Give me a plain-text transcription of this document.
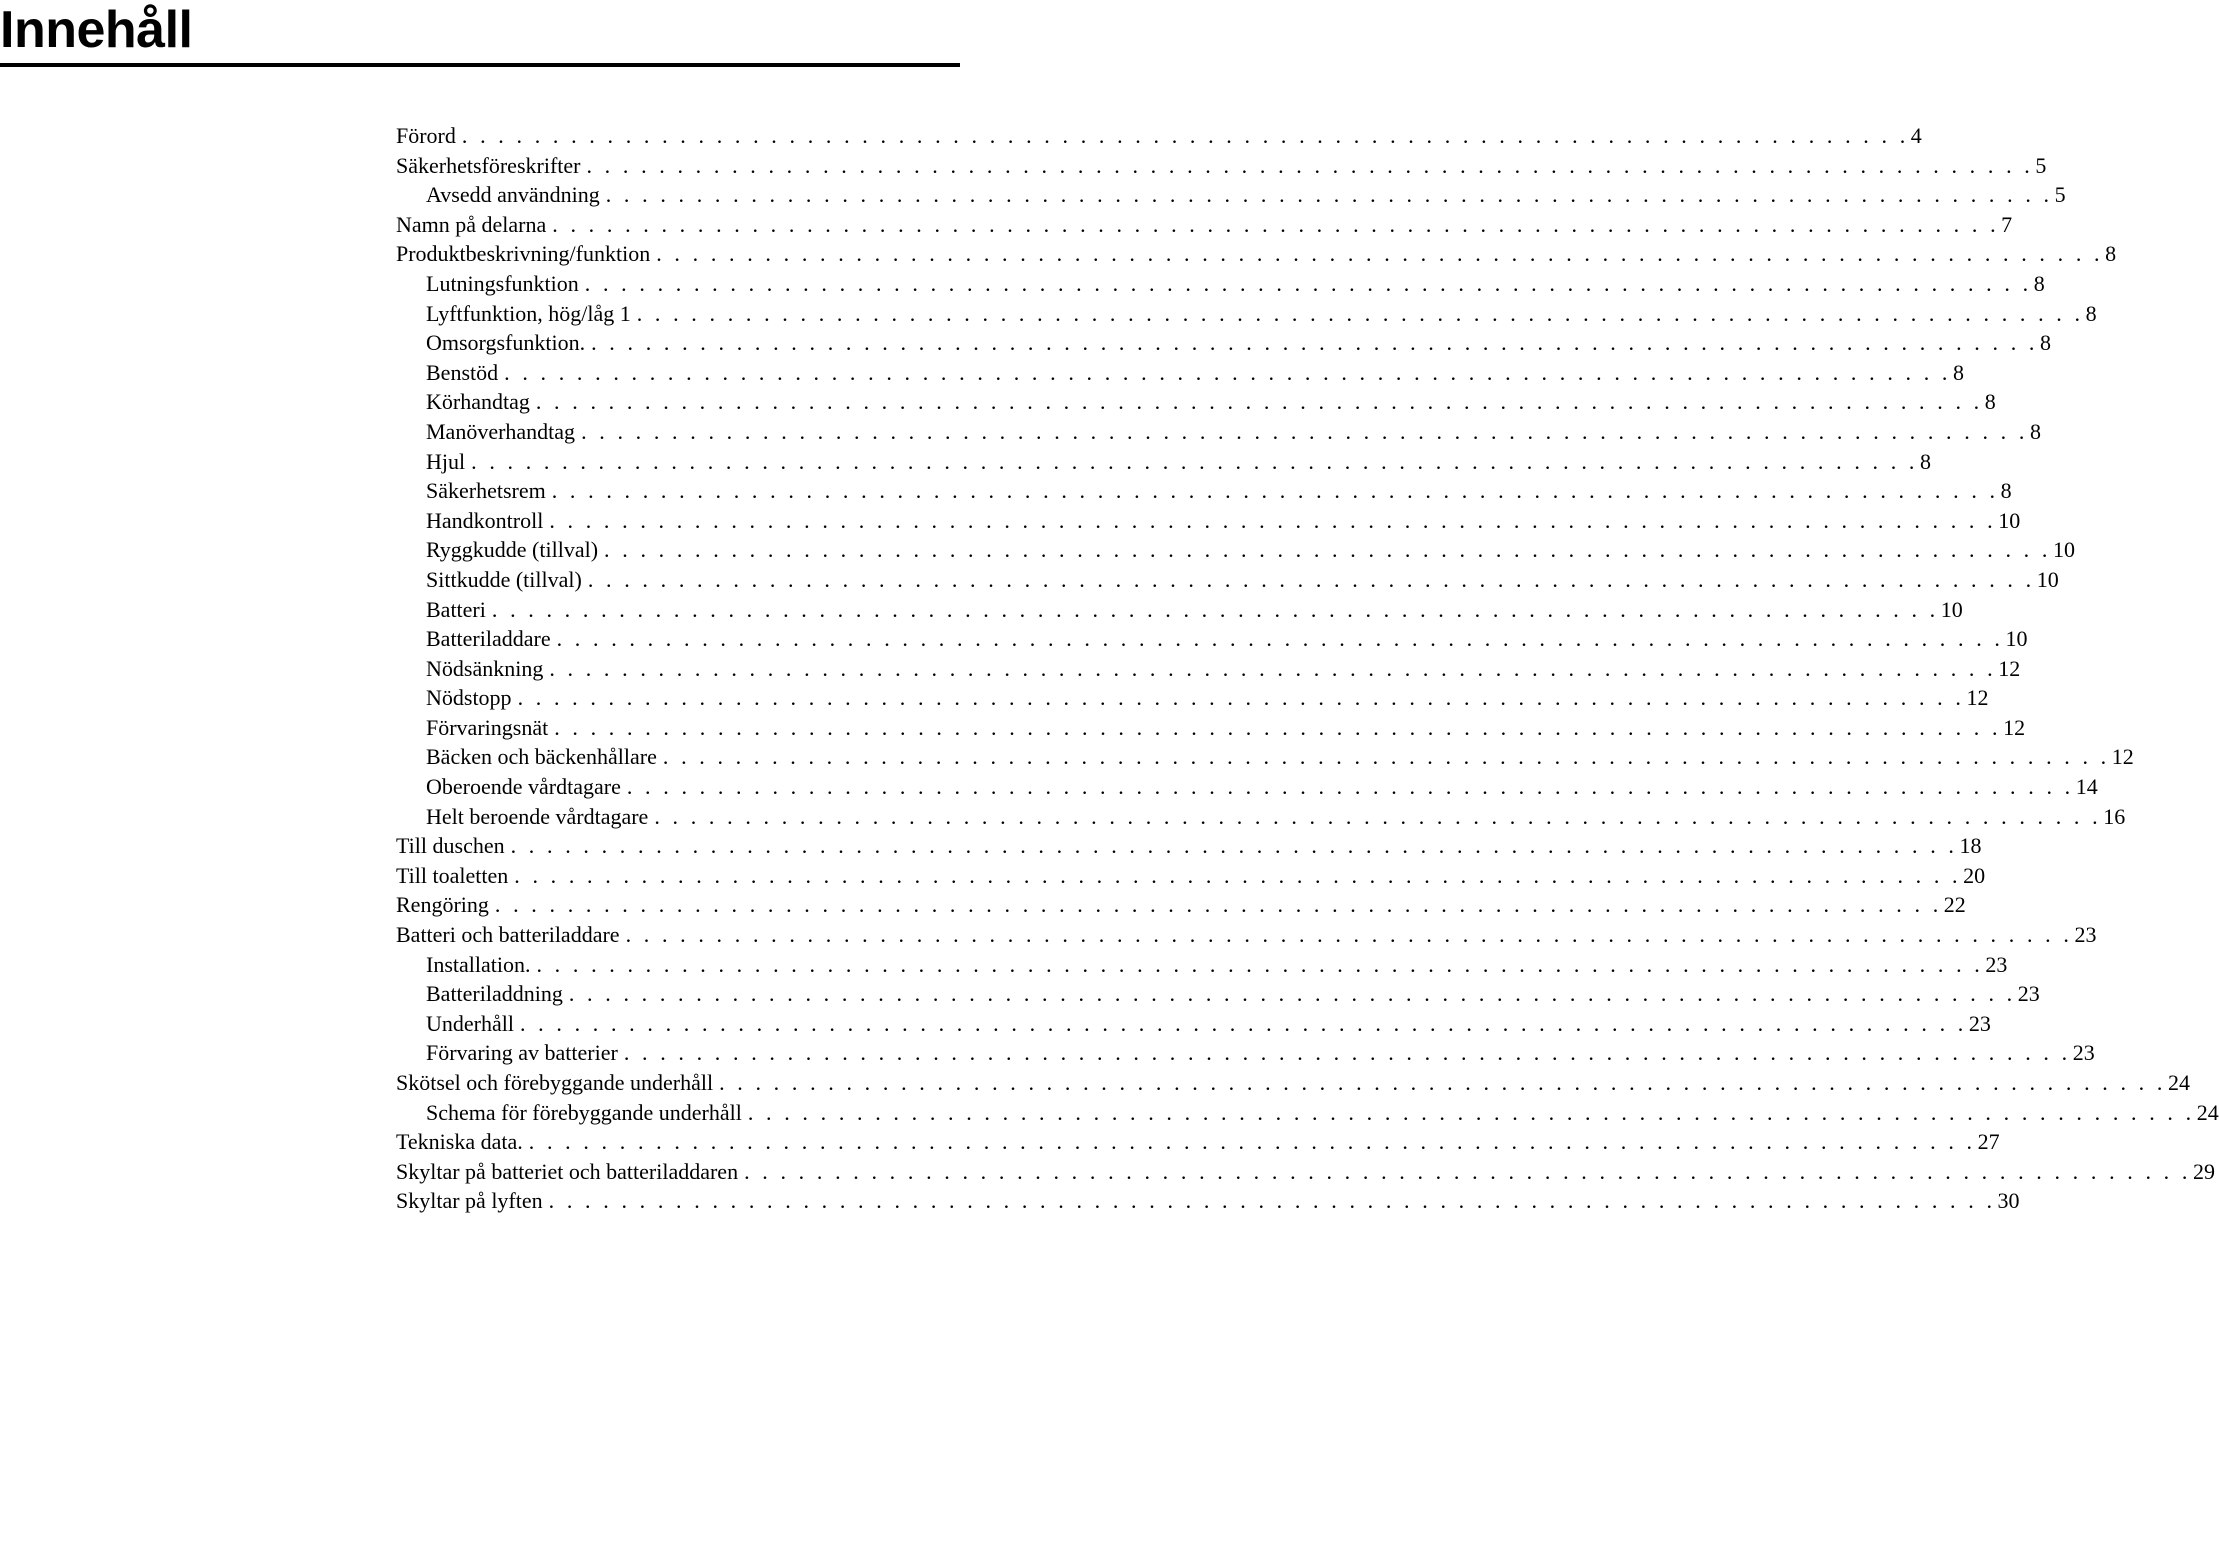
Innehåll
Förord . . . . . . . . . . . . . . . . . . . . . . . . . . . . . . . . . . . . . . . . . . . . . . . . . . . . . . . . . . . . . . . . . . . . . . . . . . . . . . . . 4
Säkerhetsföreskrifter . . . . . . . . . . . . . . . . . . . . . . . . . . . . . . . . . . . . . . . . . . . . . . . . . . . . . . . . . . . . . . . . . . . . . . . . . . . . . . . . 5
Avsedd användning . . . . . . . . . . . . . . . . . . . . . . . . . . . . . . . . . . . . . . . . . . . . . . . . . . . . . . . . . . . . . . . . . . . . . . . . . . . . . . . . 5
Namn på delarna . . . . . . . . . . . . . . . . . . . . . . . . . . . . . . . . . . . . . . . . . . . . . . . . . . . . . . . . . . . . . . . . . . . . . . . . . . . . . . . . 7
Produktbeskrivning/funktion . . . . . . . . . . . . . . . . . . . . . . . . . . . . . . . . . . . . . . . . . . . . . . . . . . . . . . . . . . . . . . . . . . . . . . . . . . . . . . . . 8
Lutningsfunktion . . . . . . . . . . . . . . . . . . . . . . . . . . . . . . . . . . . . . . . . . . . . . . . . . . . . . . . . . . . . . . . . . . . . . . . . . . . . . . . . 8
Lyftfunktion, hög/låg 1 . . . . . . . . . . . . . . . . . . . . . . . . . . . . . . . . . . . . . . . . . . . . . . . . . . . . . . . . . . . . . . . . . . . . . . . . . . . . . . . . 8
Omsorgsfunktion. . . . . . . . . . . . . . . . . . . . . . . . . . . . . . . . . . . . . . . . . . . . . . . . . . . . . . . . . . . . . . . . . . . . . . . . . . . . . . . . . 8
Benstöd . . . . . . . . . . . . . . . . . . . . . . . . . . . . . . . . . . . . . . . . . . . . . . . . . . . . . . . . . . . . . . . . . . . . . . . . . . . . . . . . 8
Körhandtag . . . . . . . . . . . . . . . . . . . . . . . . . . . . . . . . . . . . . . . . . . . . . . . . . . . . . . . . . . . . . . . . . . . . . . . . . . . . . . . . 8
Manöverhandtag . . . . . . . . . . . . . . . . . . . . . . . . . . . . . . . . . . . . . . . . . . . . . . . . . . . . . . . . . . . . . . . . . . . . . . . . . . . . . . . . 8
Hjul . . . . . . . . . . . . . . . . . . . . . . . . . . . . . . . . . . . . . . . . . . . . . . . . . . . . . . . . . . . . . . . . . . . . . . . . . . . . . . . . 8
Säkerhetsrem . . . . . . . . . . . . . . . . . . . . . . . . . . . . . . . . . . . . . . . . . . . . . . . . . . . . . . . . . . . . . . . . . . . . . . . . . . . . . . . . 8
Handkontroll . . . . . . . . . . . . . . . . . . . . . . . . . . . . . . . . . . . . . . . . . . . . . . . . . . . . . . . . . . . . . . . . . . . . . . . . . . . . . . . . 10
Ryggkudde (tillval) . . . . . . . . . . . . . . . . . . . . . . . . . . . . . . . . . . . . . . . . . . . . . . . . . . . . . . . . . . . . . . . . . . . . . . . . . . . . . . . . 10
Sittkudde (tillval) . . . . . . . . . . . . . . . . . . . . . . . . . . . . . . . . . . . . . . . . . . . . . . . . . . . . . . . . . . . . . . . . . . . . . . . . . . . . . . . . 10
Batteri . . . . . . . . . . . . . . . . . . . . . . . . . . . . . . . . . . . . . . . . . . . . . . . . . . . . . . . . . . . . . . . . . . . . . . . . . . . . . . . . 10
Batteriladdare . . . . . . . . . . . . . . . . . . . . . . . . . . . . . . . . . . . . . . . . . . . . . . . . . . . . . . . . . . . . . . . . . . . . . . . . . . . . . . . . 10
Nödsänkning . . . . . . . . . . . . . . . . . . . . . . . . . . . . . . . . . . . . . . . . . . . . . . . . . . . . . . . . . . . . . . . . . . . . . . . . . . . . . . . . 12
Nödstopp . . . . . . . . . . . . . . . . . . . . . . . . . . . . . . . . . . . . . . . . . . . . . . . . . . . . . . . . . . . . . . . . . . . . . . . . . . . . . . . . 12
Förvaringsnät . . . . . . . . . . . . . . . . . . . . . . . . . . . . . . . . . . . . . . . . . . . . . . . . . . . . . . . . . . . . . . . . . . . . . . . . . . . . . . . . 12
Bäcken och bäckenhållare . . . . . . . . . . . . . . . . . . . . . . . . . . . . . . . . . . . . . . . . . . . . . . . . . . . . . . . . . . . . . . . . . . . . . . . . . . . . . . . . 12
Oberoende vårdtagare . . . . . . . . . . . . . . . . . . . . . . . . . . . . . . . . . . . . . . . . . . . . . . . . . . . . . . . . . . . . . . . . . . . . . . . . . . . . . . . . 14
Helt beroende vårdtagare . . . . . . . . . . . . . . . . . . . . . . . . . . . . . . . . . . . . . . . . . . . . . . . . . . . . . . . . . . . . . . . . . . . . . . . . . . . . . . . . 16
Till duschen . . . . . . . . . . . . . . . . . . . . . . . . . . . . . . . . . . . . . . . . . . . . . . . . . . . . . . . . . . . . . . . . . . . . . . . . . . . . . . . . 18
Till toaletten . . . . . . . . . . . . . . . . . . . . . . . . . . . . . . . . . . . . . . . . . . . . . . . . . . . . . . . . . . . . . . . . . . . . . . . . . . . . . . . . 20
Rengöring . . . . . . . . . . . . . . . . . . . . . . . . . . . . . . . . . . . . . . . . . . . . . . . . . . . . . . . . . . . . . . . . . . . . . . . . . . . . . . . . 22
Batteri och batteriladdare . . . . . . . . . . . . . . . . . . . . . . . . . . . . . . . . . . . . . . . . . . . . . . . . . . . . . . . . . . . . . . . . . . . . . . . . . . . . . . . . 23
Installation. . . . . . . . . . . . . . . . . . . . . . . . . . . . . . . . . . . . . . . . . . . . . . . . . . . . . . . . . . . . . . . . . . . . . . . . . . . . . . . . . 23
Batteriladdning . . . . . . . . . . . . . . . . . . . . . . . . . . . . . . . . . . . . . . . . . . . . . . . . . . . . . . . . . . . . . . . . . . . . . . . . . . . . . . . . 23
Underhåll . . . . . . . . . . . . . . . . . . . . . . . . . . . . . . . . . . . . . . . . . . . . . . . . . . . . . . . . . . . . . . . . . . . . . . . . . . . . . . . . 23
Förvaring av batterier . . . . . . . . . . . . . . . . . . . . . . . . . . . . . . . . . . . . . . . . . . . . . . . . . . . . . . . . . . . . . . . . . . . . . . . . . . . . . . . . 23
Skötsel och förebyggande underhåll . . . . . . . . . . . . . . . . . . . . . . . . . . . . . . . . . . . . . . . . . . . . . . . . . . . . . . . . . . . . . . . . . . . . . . . . . . . . . . . . 24
Schema för förebyggande underhåll . . . . . . . . . . . . . . . . . . . . . . . . . . . . . . . . . . . . . . . . . . . . . . . . . . . . . . . . . . . . . . . . . . . . . . . . . . . . . . . . 24
Tekniska data. . . . . . . . . . . . . . . . . . . . . . . . . . . . . . . . . . . . . . . . . . . . . . . . . . . . . . . . . . . . . . . . . . . . . . . . . . . . . . . . . 27
Skyltar på batteriet och batteriladdaren . . . . . . . . . . . . . . . . . . . . . . . . . . . . . . . . . . . . . . . . . . . . . . . . . . . . . . . . . . . . . . . . . . . . . . . . . . . . . . . . 29
Skyltar på lyften . . . . . . . . . . . . . . . . . . . . . . . . . . . . . . . . . . . . . . . . . . . . . . . . . . . . . . . . . . . . . . . . . . . . . . . . . . . . . . . . 30
